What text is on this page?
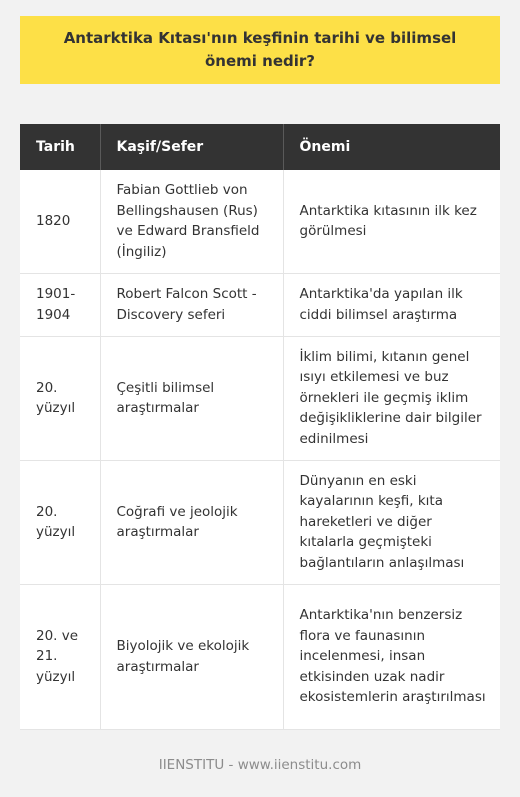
Antarktika Kıtası'nın keşfinin tarihi ve bilimsel önemi nedir?
Tarih	Kaşif/Sefer	Önemi
1820	Fabian Gottlieb von Bellingshausen (Rus) ve Edward Bransfield (İngiliz)	Antarktika kıtasının ilk kez görülmesi
1901-1904	Robert Falcon Scott - Discovery seferi	Antarktika'da yapılan ilk ciddi bilimsel araştırma
20. yüzyıl	Çeşitli bilimsel araştırmalar	İklim bilimi, kıtanın genel ısıyı etkilemesi ve buz örnekleri ile geçmiş iklim değişikliklerine dair bilgiler edinilmesi
20. yüzyıl	Coğrafi ve jeolojik araştırmalar	Dünyanın en eski kayalarının keşfi, kıta hareketleri ve diğer kıtalarla geçmişteki bağlantıların anlaşılması
20. ve 21. yüzyıl	Biyolojik ve ekolojik araştırmalar	Antarktika'nın benzersiz flora ve faunasının incelenmesi, insan etkisinden uzak nadir ekosistemlerin araştırılması
IIENSTITU - www.iienstitu.com
